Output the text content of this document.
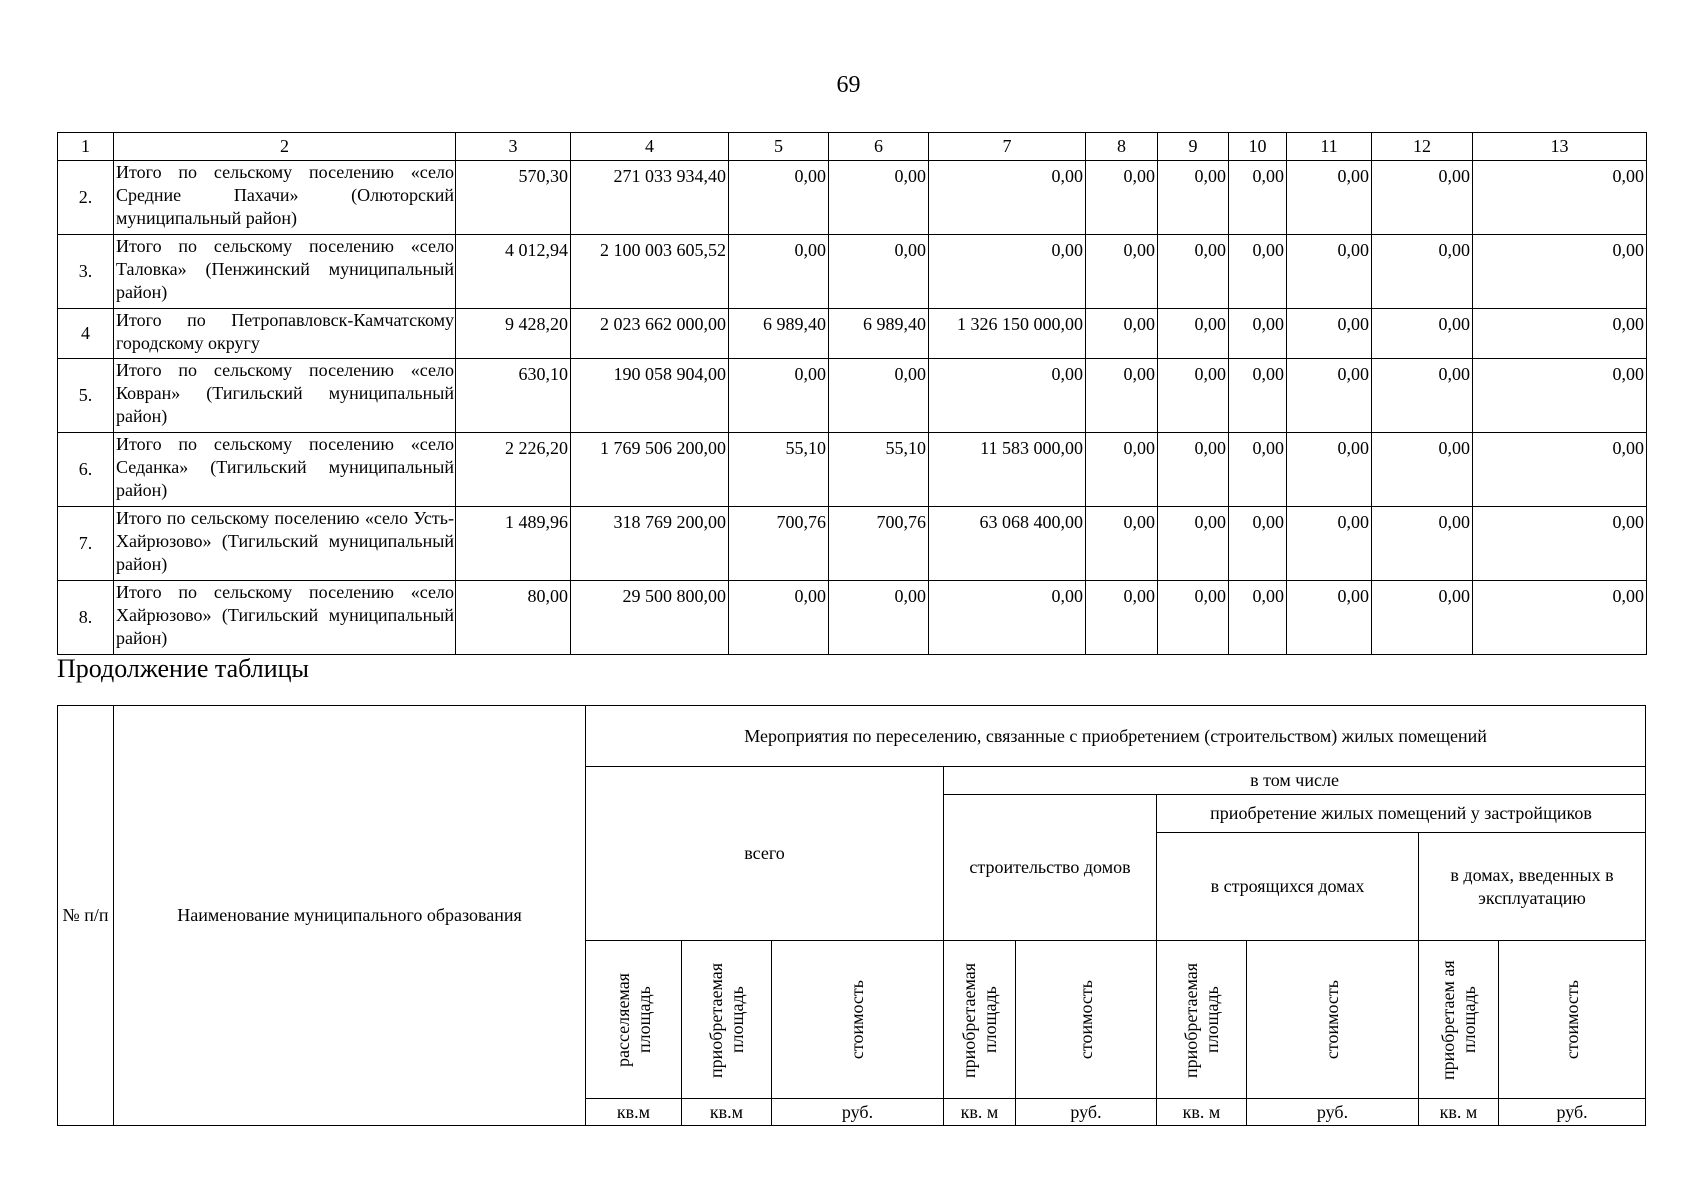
69
1	2	3	4	5	6	7	8	9	10	11	12	13
2.	Итого по сельскому поселению «село Средние Пахачи» (Олюторский муниципальный район)	570,30	271 033 934,40	0,00	0,00	0,00	0,00	0,00	0,00	0,00	0,00	0,00
3.	Итого по сельскому поселению «село Таловка» (Пенжинский муниципальный район)	4 012,94	2 100 003 605,52	0,00	0,00	0,00	0,00	0,00	0,00	0,00	0,00	0,00
4	Итого по Петропавловск-Камчатскому городскому округу	9 428,20	2 023 662 000,00	6 989,40	6 989,40	1 326 150 000,00	0,00	0,00	0,00	0,00	0,00	0,00
5.	Итого по сельскому поселению «село Ковран» (Тигильский муниципальный район)	630,10	190 058 904,00	0,00	0,00	0,00	0,00	0,00	0,00	0,00	0,00	0,00
6.	Итого по сельскому поселению «село Седанка» (Тигильский муниципальный район)	2 226,20	1 769 506 200,00	55,10	55,10	11 583 000,00	0,00	0,00	0,00	0,00	0,00	0,00
7.	Итого по сельскому поселению «село Усть-Хайрюзово» (Тигильский муниципальный район)	1 489,96	318 769 200,00	700,76	700,76	63 068 400,00	0,00	0,00	0,00	0,00	0,00	0,00
8.	Итого по сельскому поселению «село Хайрюзово» (Тигильский муниципальный район)	80,00	29 500 800,00	0,00	0,00	0,00	0,00	0,00	0,00	0,00	0,00	0,00
Продолжение таблицы
№ п/п	Наименование муниципального образования	Мероприятия по переселению, связанные с приобретением (строительством) жилых помещений								
		всего			в том числе					
					строительство домов		приобретение жилых помещений у застройщиков			
							в строящихся домах		в домах, введенных в эксплуатацию	

		расселяемая площадь	приобретаемая площадь	стоимость	приобретаемая площадь	стоимость	приобретаемая площадь	стоимость	приобретаем ая площадь	стоимость

		кв.м	кв.м	руб.	кв. м	руб.	кв. м	руб.	кв. м	руб.
